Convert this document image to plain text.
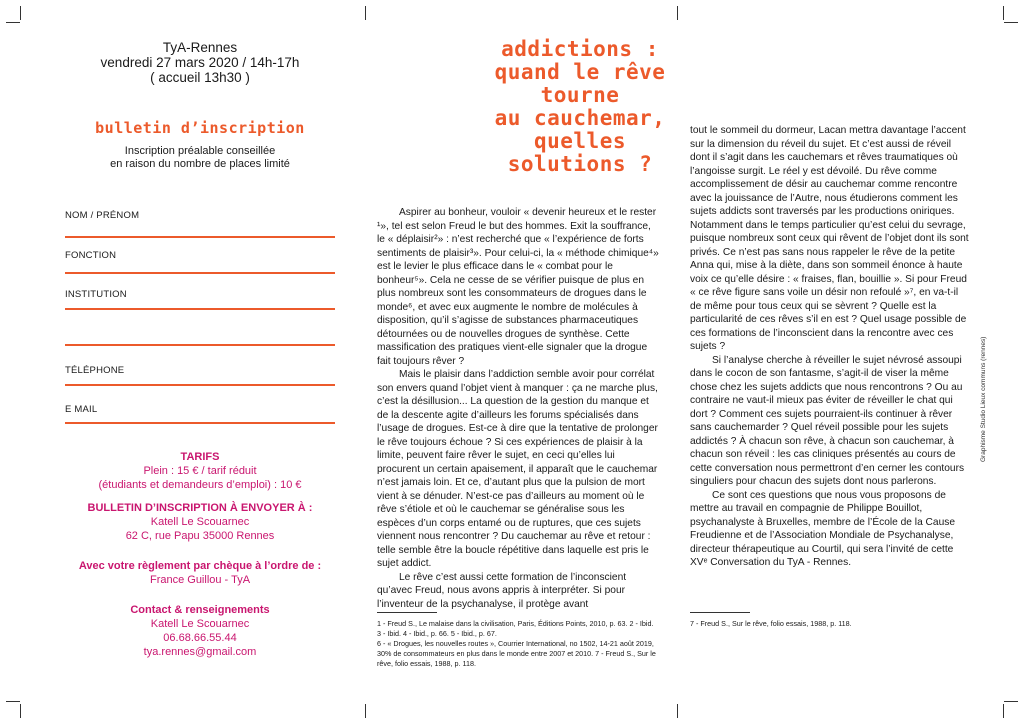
TyA-Rennes
vendredi 27 mars 2020 / 14h-17h
( accueil 13h30 )
bulletin d’inscription
Inscription préalable conseillée
en raison du nombre de places limité
NOM / PRÉNOM
FONCTION
INSTITUTION
TÉLÉPHONE
E MAIL
TARIFS
Plein : 15 € / tarif réduit
(étudiants et demandeurs d’emploi) : 10 €
BULLETIN D’INSCRIPTION À ENVOYER À :
Katell Le Scouarnec
62 C, rue Papu 35000 Rennes
Avec votre règlement par chèque à l’ordre de :
France Guillou - TyA
Contact & renseignements
Katell Le Scouarnec
06.68.66.55.44
tya.rennes@gmail.com
addictions :
quand le rêve
tourne
au cauchemar,
quelles
solutions ?

Aspirer au bonheur, vouloir « devenir heureux et le rester ¹», tel est selon Freud le but des hommes. Exit la souffrance, le « déplaisir²» : n’est recherché que « l’expérience de forts sentiments de plaisir³». Pour celui-ci, la « méthode chimique⁴» est le levier le plus efficace dans le « combat pour le bonheur⁵». Cela ne cesse de se vérifier puisque de plus en plus nombreux sont les consommateurs de drogues dans le monde⁶, et avec eux augmente le nombre de molécules à disposition, qu’il s’agisse de substances pharmaceutiques détournées ou de nouvelles drogues de synthèse. Cette massification des pratiques vient-elle signaler que la drogue fait toujours rêver ?

Mais le plaisir dans l’addiction semble avoir pour corrélat son envers quand l’objet vient à manquer : ça ne marche plus, c’est la désillusion... La question de la gestion du manque et de la descente agite d’ailleurs les forums spécialisés dans l’usage de drogues. Est-ce à dire que la tentative de prolonger le rêve toujours échoue ? Si ces expériences de plaisir à la limite, peuvent faire rêver le sujet, en ceci qu’elles lui procurent un certain apaisement, il apparaît que le cauchemar n’est jamais loin. Et ce, d’autant plus que la pulsion de mort vient à se dénuder. N’est-ce pas d’ailleurs au moment où le rêve s’étiole et où le cauchemar se généralise sous les espèces d’un corps entamé ou de ruptures, que ces sujets viennent nous rencontrer ? Du cauchemar au rêve et retour : telle semble être la boucle répétitive dans laquelle est pris le sujet addict.

Le rêve c’est aussi cette formation de l’inconscient qu’avec Freud, nous avons appris à interpréter. Si pour l’inventeur de la psychanalyse, il protège avant

1 - Freud S., Le malaise dans la civilisation, Paris, Éditions Points, 2010, p. 63. 2 - Ibid. 3 - Ibid. 4 - Ibid., p. 66. 5 - Ibid., p. 67.
6 - « Drogues, les nouvelles routes », Courrier International, no 1502, 14-21 août 2019, 30% de consommateurs en plus dans le monde entre 2007 et 2010. 7 - Freud S., Sur le rêve, folio essais, 1988, p. 118.

tout le sommeil du dormeur, Lacan mettra davantage l’accent sur la dimension du réveil du sujet. Et c’est aussi de réveil dont il s’agit dans les cauchemars et rêves traumatiques où l’angoisse surgit. Le réel y est dévoilé. Du rêve comme accomplissement de désir au cauchemar comme rencontre avec la jouissance de l’Autre, nous étudierons comment les sujets addicts sont traversés par les productions oniriques. Notamment dans le temps particulier qu’est celui du sevrage, puisque nombreux sont ceux qui rêvent de l’objet dont ils sont privés. Ce n’est pas sans nous rappeler le rêve de la petite Anna qui, mise à la diète, dans son sommeil énonce à haute voix ce qu’elle désire : « fraises, flan, bouillie ». Si pour Freud « ce rêve figure sans voile un désir non refoulé »⁷, en va-t-il de même pour tous ceux qui se sèvrent ? Quelle est la particularité de ces rêves s’il en est ? Quel usage possible de ces formations de l’inconscient dans la rencontre avec ces sujets ?

Si l’analyse cherche à réveiller le sujet névrosé assoupi dans le cocon de son fantasme, s’agit-il de viser la même chose chez les sujets addicts que nous rencontrons ? Ou au contraire ne vaut-il mieux pas éviter de réveiller le chat qui dort ? Comment ces sujets pourraient-ils continuer à rêver sans cauchemarder ? Quel réveil possible pour les sujets addictés ? À chacun son rêve, à chacun son cauchemar, à chacun son réveil : les cas cliniques présentés au cours de cette conversation nous permettront d’en cerner les contours singuliers pour chacun des sujets dont nous parlerons.

Ce sont ces questions que nous vous proposons de mettre au travail en compagnie de Philippe Bouillot, psychanalyste à Bruxelles, membre de l’École de la Cause Freudienne et de l’Association Mondiale de Psychanalyse, directeur thérapeutique au Courtil, qui sera l’invité de cette XVᵉ Conversation du TyA - Rennes.

7 - Freud S., Sur le rêve, folio essais, 1988, p. 118.
Graphisme Studio Lieux communs (rennes)
